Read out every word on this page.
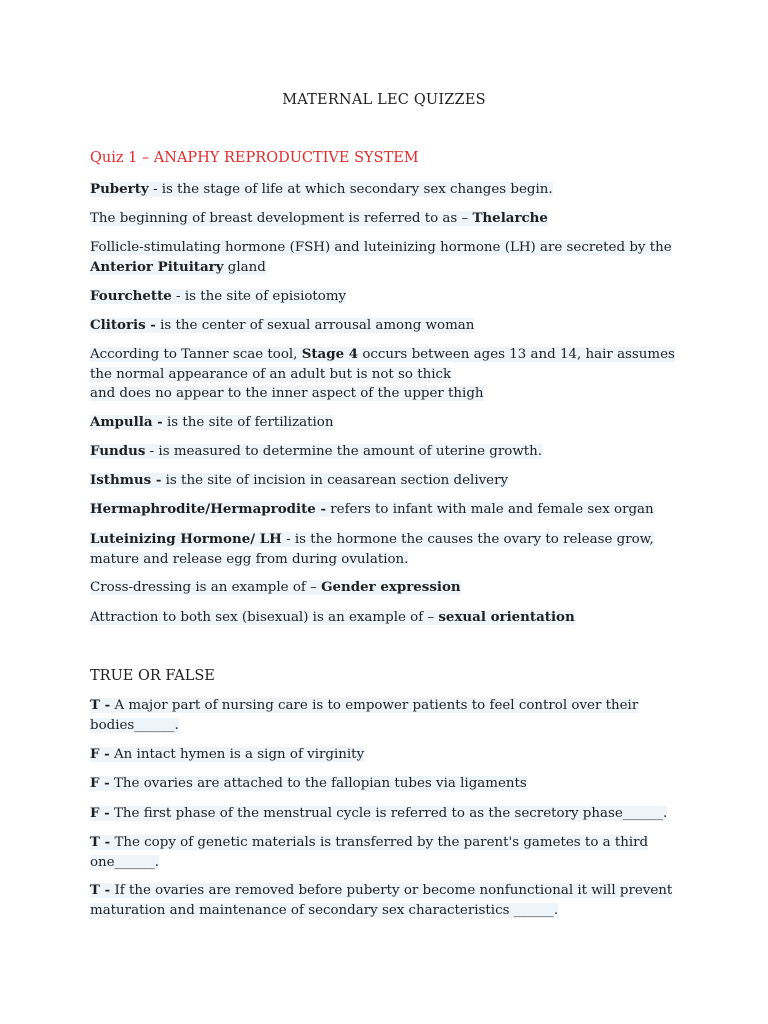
MATERNAL LEC QUIZZES
Quiz 1 – ANAPHY REPRODUCTIVE SYSTEM
Puberty - is the stage of life at which secondary sex changes begin.
The beginning of breast development is referred to as – Thelarche
Follicle-stimulating hormone (FSH) and luteinizing hormone (LH) are secreted by the Anterior Pituitary gland
Fourchette - is the site of episiotomy
Clitoris - is the center of sexual arrousal among woman
According to Tanner scae tool, Stage 4 occurs between ages 13 and 14, hair assumes the normal appearance of an adult but is not so thick
and does no appear to the inner aspect of the upper thigh
Ampulla - is the site of fertilization
Fundus - is measured to determine the amount of uterine growth.
Isthmus - is the site of incision in ceasarean section delivery
Hermaphrodite/Hermaprodite - refers to infant with male and female sex organ
Luteinizing Hormone/ LH - is the hormone the causes the ovary to release grow, mature and release egg from during ovulation.
Cross-dressing is an example of – Gender expression
Attraction to both sex (bisexual) is an example of – sexual orientation
TRUE OR FALSE
T - A major part of nursing care is to empower patients to feel control over their bodies______.
F - An intact hymen is a sign of virginity
F - The ovaries are attached to the fallopian tubes via ligaments
F - The first phase of the menstrual cycle is referred to as the secretory phase______.
T - The copy of genetic materials is transferred by the parent's gametes to a third one______.
T - If the ovaries are removed before puberty or become nonfunctional it will prevent maturation and maintenance of secondary sex characteristics ______.
